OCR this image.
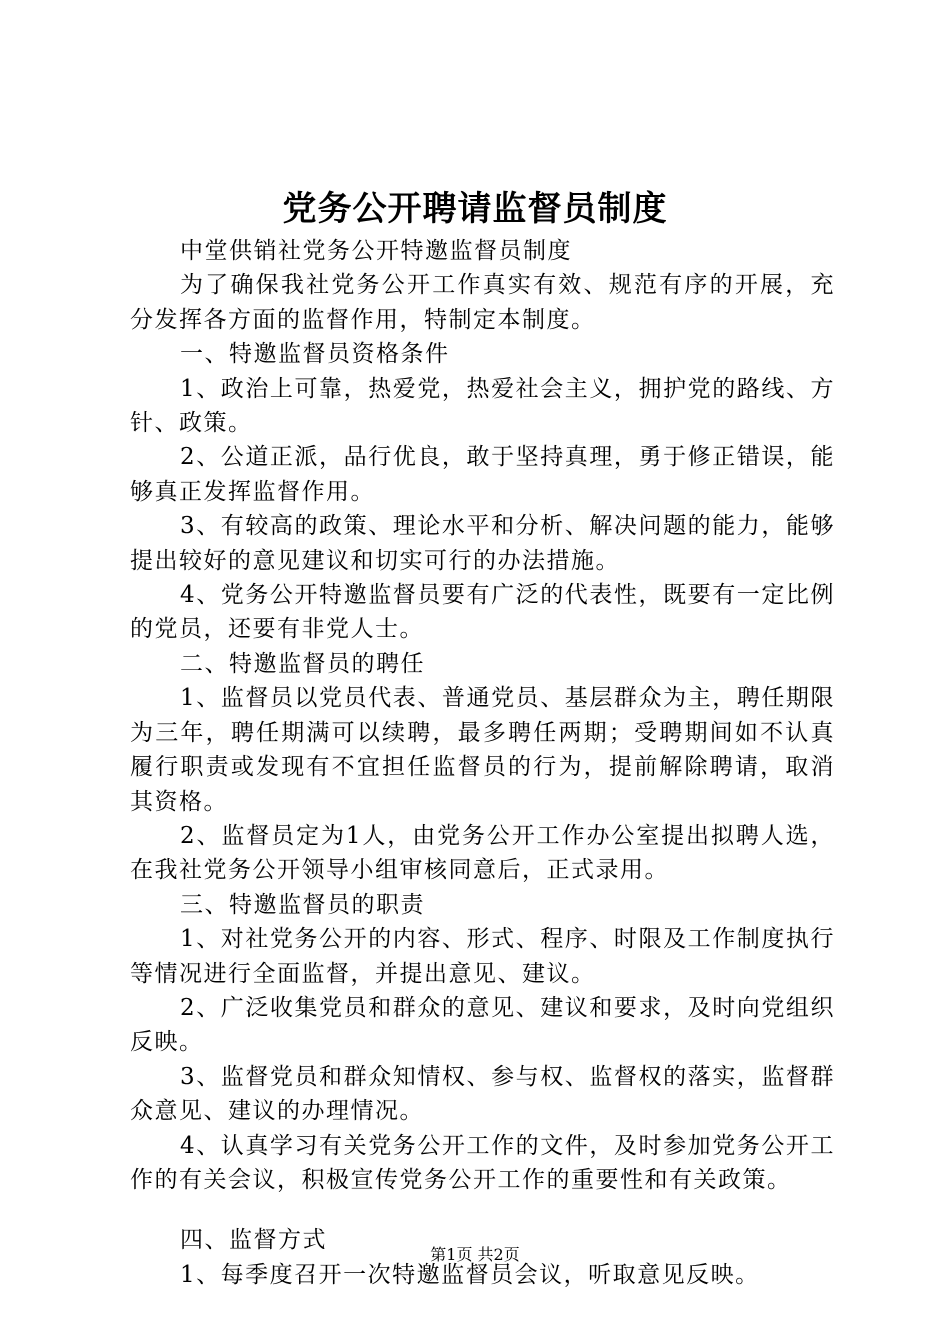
党务公开聘请监督员制度

中堂供销社党务公开特邀监督员制度

为了确保我社党务公开工作真实有效、规范有序的开展，充分发挥各方面的监督作用，特制定本制度。

一、特邀监督员资格条件

1、政治上可靠，热爱党，热爱社会主义，拥护党的路线、方针、政策。

2、公道正派，品行优良，敢于坚持真理，勇于修正错误，能够真正发挥监督作用。

3、有较高的政策、理论水平和分析、解决问题的能力，能够提出较好的意见建议和切实可行的办法措施。

4、党务公开特邀监督员要有广泛的代表性，既要有一定比例的党员，还要有非党人士。

二、特邀监督员的聘任

1、监督员以党员代表、普通党员、基层群众为主，聘任期限为三年，聘任期满可以续聘，最多聘任两期；受聘期间如不认真履行职责或发现有不宜担任监督员的行为，提前解除聘请，取消其资格。

2、监督员定为1人，由党务公开工作办公室提出拟聘人选，在我社党务公开领导小组审核同意后，正式录用。

三、特邀监督员的职责

1、对社党务公开的内容、形式、程序、时限及工作制度执行等情况进行全面监督，并提出意见、建议。

2、广泛收集党员和群众的意见、建议和要求，及时向党组织反映。

3、监督党员和群众知情权、参与权、监督权的落实，监督群众意见、建议的办理情况。

4、认真学习有关党务公开工作的文件，及时参加党务公开工作的有关会议，积极宣传党务公开工作的重要性和有关政策。

四、监督方式

1、每季度召开一次特邀监督员会议，听取意见反映。

第1页 共2页
